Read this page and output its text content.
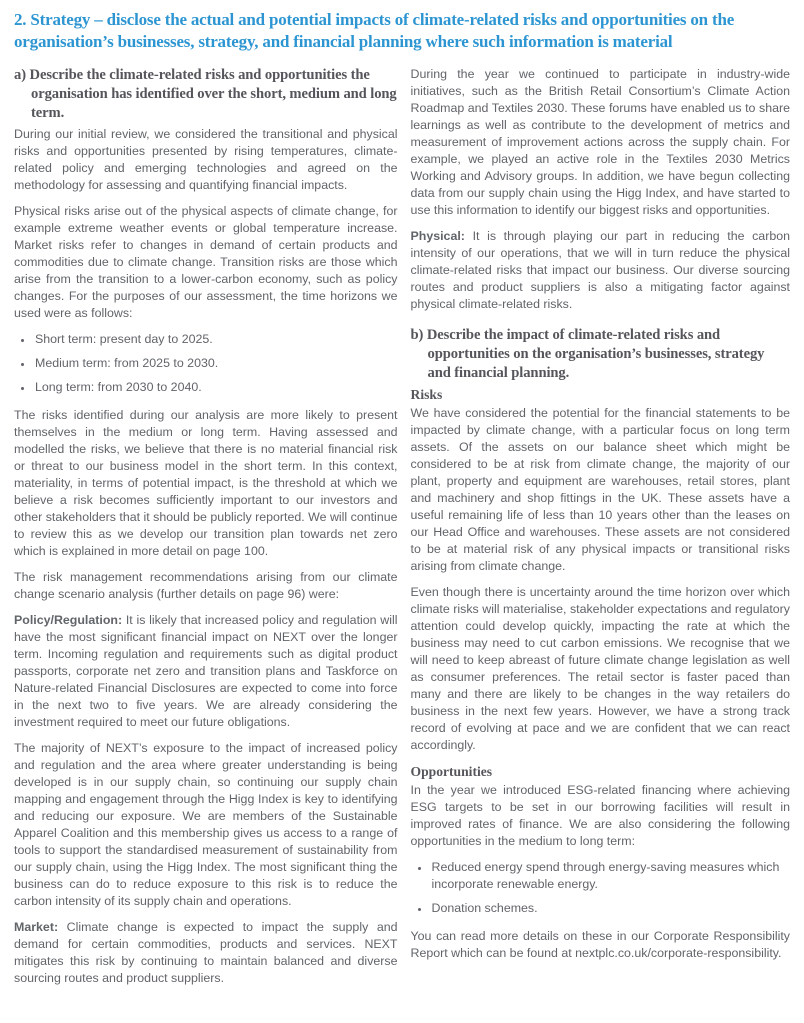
2. Strategy – disclose the actual and potential impacts of climate-related risks and opportunities on the organisation’s businesses, strategy, and financial planning where such information is material
a) Describe the climate-related risks and opportunities the organisation has identified over the short, medium and long term.

During our initial review, we considered the transitional and physical risks and opportunities presented by rising temperatures, climate-related policy and emerging technologies and agreed on the methodology for assessing and quantifying financial impacts.

Physical risks arise out of the physical aspects of climate change, for example extreme weather events or global temperature increase. Market risks refer to changes in demand of certain products and commodities due to climate change. Transition risks are those which arise from the transition to a lower-carbon economy, such as policy changes. For the purposes of our assessment, the time horizons we used were as follows:

• Short term: present day to 2025.
• Medium term: from 2025 to 2030.
• Long term: from 2030 to 2040.

The risks identified during our analysis are more likely to present themselves in the medium or long term. Having assessed and modelled the risks, we believe that there is no material financial risk or threat to our business model in the short term. In this context, materiality, in terms of potential impact, is the threshold at which we believe a risk becomes sufficiently important to our investors and other stakeholders that it should be publicly reported. We will continue to review this as we develop our transition plan towards net zero which is explained in more detail on page 100.

The risk management recommendations arising from our climate change scenario analysis (further details on page 96) were:

Policy/Regulation: It is likely that increased policy and regulation will have the most significant financial impact on NEXT over the longer term. Incoming regulation and requirements such as digital product passports, corporate net zero and transition plans and Taskforce on Nature-related Financial Disclosures are expected to come into force in the next two to five years. We are already considering the investment required to meet our future obligations.

The majority of NEXT’s exposure to the impact of increased policy and regulation and the area where greater understanding is being developed is in our supply chain, so continuing our supply chain mapping and engagement through the Higg Index is key to identifying and reducing our exposure. We are members of the Sustainable Apparel Coalition and this membership gives us access to a range of tools to support the standardised measurement of sustainability from our supply chain, using the Higg Index. The most significant thing the business can do to reduce exposure to this risk is to reduce the carbon intensity of its supply chain and operations.

Market: Climate change is expected to impact the supply and demand for certain commodities, products and services. NEXT mitigates this risk by continuing to maintain balanced and diverse sourcing routes and product suppliers.

During the year we continued to participate in industry-wide initiatives, such as the British Retail Consortium’s Climate Action Roadmap and Textiles 2030. These forums have enabled us to share learnings as well as contribute to the development of metrics and measurement of improvement actions across the supply chain. For example, we played an active role in the Textiles 2030 Metrics Working and Advisory groups. In addition, we have begun collecting data from our supply chain using the Higg Index, and have started to use this information to identify our biggest risks and opportunities.

Physical: It is through playing our part in reducing the carbon intensity of our operations, that we will in turn reduce the physical climate-related risks that impact our business. Our diverse sourcing routes and product suppliers is also a mitigating factor against physical climate-related risks.

b) Describe the impact of climate-related risks and opportunities on the organisation’s businesses, strategy and financial planning.
Risks

We have considered the potential for the financial statements to be impacted by climate change, with a particular focus on long term assets. Of the assets on our balance sheet which might be considered to be at risk from climate change, the majority of our plant, property and equipment are warehouses, retail stores, plant and machinery and shop fittings in the UK. These assets have a useful remaining life of less than 10 years other than the leases on our Head Office and warehouses. These assets are not considered to be at material risk of any physical impacts or transitional risks arising from climate change.

Even though there is uncertainty around the time horizon over which climate risks will materialise, stakeholder expectations and regulatory attention could develop quickly, impacting the rate at which the business may need to cut carbon emissions. We recognise that we will need to keep abreast of future climate change legislation as well as consumer preferences. The retail sector is faster paced than many and there are likely to be changes in the way retailers do business in the next few years. However, we have a strong track record of evolving at pace and we are confident that we can react accordingly.

Opportunities

In the year we introduced ESG-related financing where achieving ESG targets to be set in our borrowing facilities will result in improved rates of finance. We are also considering the following opportunities in the medium to long term:

• Reduced energy spend through energy-saving measures which incorporate renewable energy.
• Donation schemes.

You can read more details on these in our Corporate Responsibility Report which can be found at nextplc.co.uk/corporate-responsibility.
